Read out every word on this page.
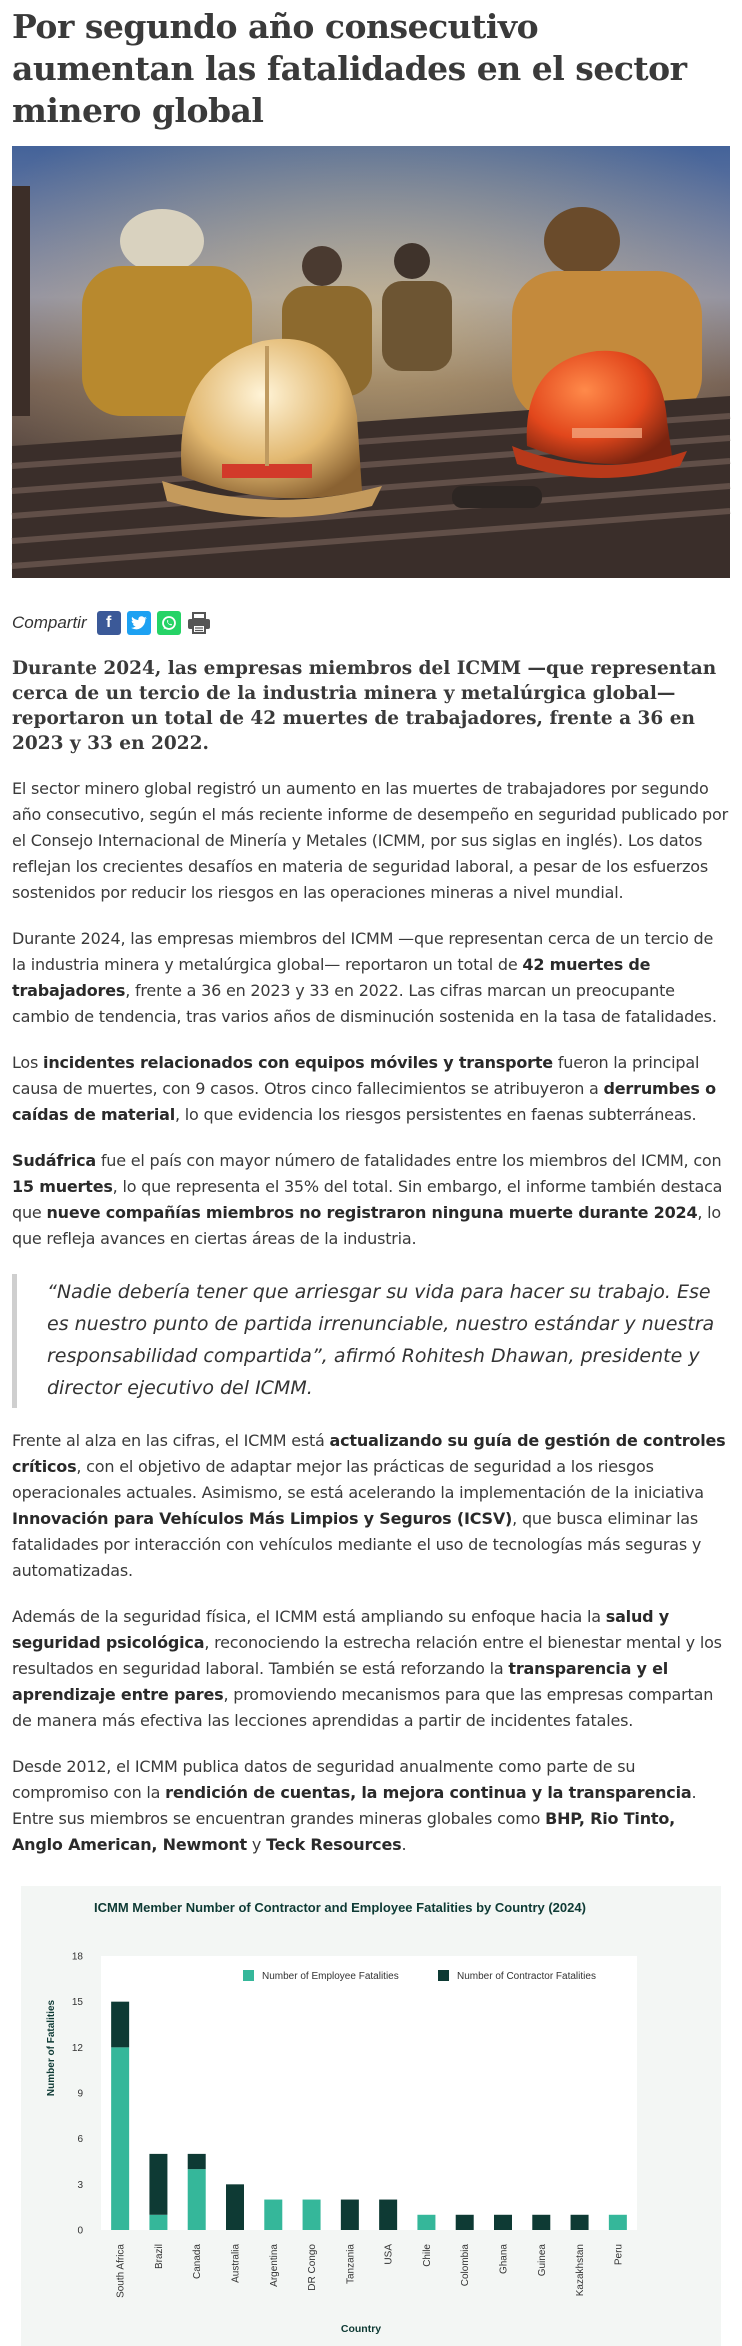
Por segundo año consecutivo aumentan las fatalidades en el sector minero global
Compartir f

Durante 2024, las empresas miembros del ICMM —que representan cerca de un tercio de la industria minera y metalúrgica global— reportaron un total de 42 muertes de trabajadores, frente a 36 en 2023 y 33 en 2022.

El sector minero global registró un aumento en las muertes de trabajadores por segundo año consecutivo, según el más reciente informe de desempeño en seguridad publicado por el Consejo Internacional de Minería y Metales (ICMM, por sus siglas en inglés). Los datos reflejan los crecientes desafíos en materia de seguridad laboral, a pesar de los esfuerzos sostenidos por reducir los riesgos en las operaciones mineras a nivel mundial.

Durante 2024, las empresas miembros del ICMM —que representan cerca de un tercio de la industria minera y metalúrgica global— reportaron un total de 42 muertes de trabajadores, frente a 36 en 2023 y 33 en 2022. Las cifras marcan un preocupante cambio de tendencia, tras varios años de disminución sostenida en la tasa de fatalidades.

Los incidentes relacionados con equipos móviles y transporte fueron la principal causa de muertes, con 9 casos. Otros cinco fallecimientos se atribuyeron a derrumbes o caídas de material, lo que evidencia los riesgos persistentes en faenas subterráneas.

Sudáfrica fue el país con mayor número de fatalidades entre los miembros del ICMM, con 15 muertes, lo que representa el 35% del total. Sin embargo, el informe también destaca que nueve compañías miembros no registraron ninguna muerte durante 2024, lo que refleja avances en ciertas áreas de la industria.

“Nadie debería tener que arriesgar su vida para hacer su trabajo. Ese es nuestro punto de partida irrenunciable, nuestro estándar y nuestra responsabilidad compartida”, afirmó Rohitesh Dhawan, presidente y director ejecutivo del ICMM.

Frente al alza en las cifras, el ICMM está actualizando su guía de gestión de controles críticos, con el objetivo de adaptar mejor las prácticas de seguridad a los riesgos operacionales actuales. Asimismo, se está acelerando la implementación de la iniciativa Innovación para Vehículos Más Limpios y Seguros (ICSV), que busca eliminar las fatalidades por interacción con vehículos mediante el uso de tecnologías más seguras y automatizadas.

Además de la seguridad física, el ICMM está ampliando su enfoque hacia la salud y seguridad psicológica, reconociendo la estrecha relación entre el bienestar mental y los resultados en seguridad laboral. También se está reforzando la transparencia y el aprendizaje entre pares, promoviendo mecanismos para que las empresas compartan de manera más efectiva las lecciones aprendidas a partir de incidentes fatales.

Desde 2012, el ICMM publica datos de seguridad anualmente como parte de su compromiso con la rendición de cuentas, la mejora continua y la transparencia. Entre sus miembros se encuentran grandes mineras globales como BHP, Rio Tinto, Anglo American, Newmont y Teck Resources.

ICMM Member Number of Contractor and Employee Fatalities by Country (2024)
0
3
6
9
12
15
18
South Africa	Brazil	Canada	Australia	Argentina	DR Congo	Tanzania	USA	Chile	Colombia	Ghana	Guinea	Kazakhstan	Peru
Number of Employee Fatalities	Number of Contractor Fatalities
Number of Fatalities
Country
